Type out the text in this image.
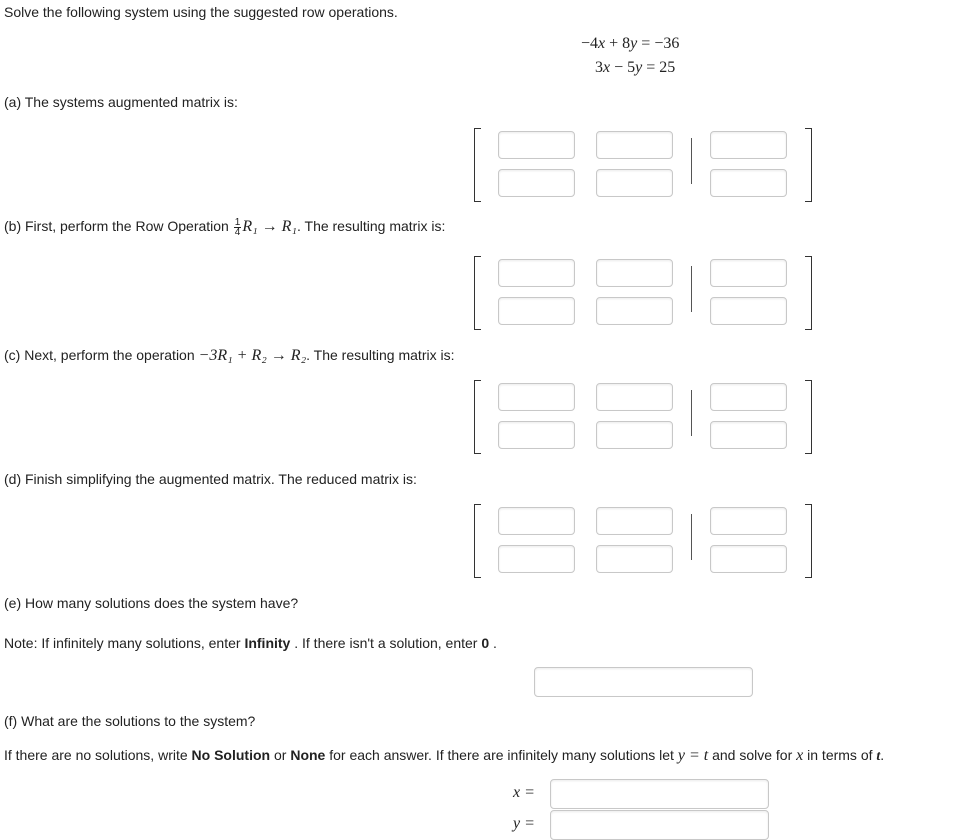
Solve the following system using the suggested row operations.
−4x + 8y = −36
3x − 5y = 25
(a) The systems augmented matrix is:
(b) First, perform the Row Operation $\frac{1}{4} R_1 \to R_1$. The resulting matrix is:
(c) Next, perform the operation −3R₁ + R₂ → R₂. The resulting matrix is:
(d) Finish simplifying the augmented matrix. The reduced matrix is:
(e) How many solutions does the system have?
Note: If infinitely many solutions, enter Infinity . If there isn't a solution, enter 0 .
(f) What are the solutions to the system?
If there are no solutions, write No Solution or None for each answer. If there are infinitely many solutions let y = t and solve for x in terms of t.
x =
y =
